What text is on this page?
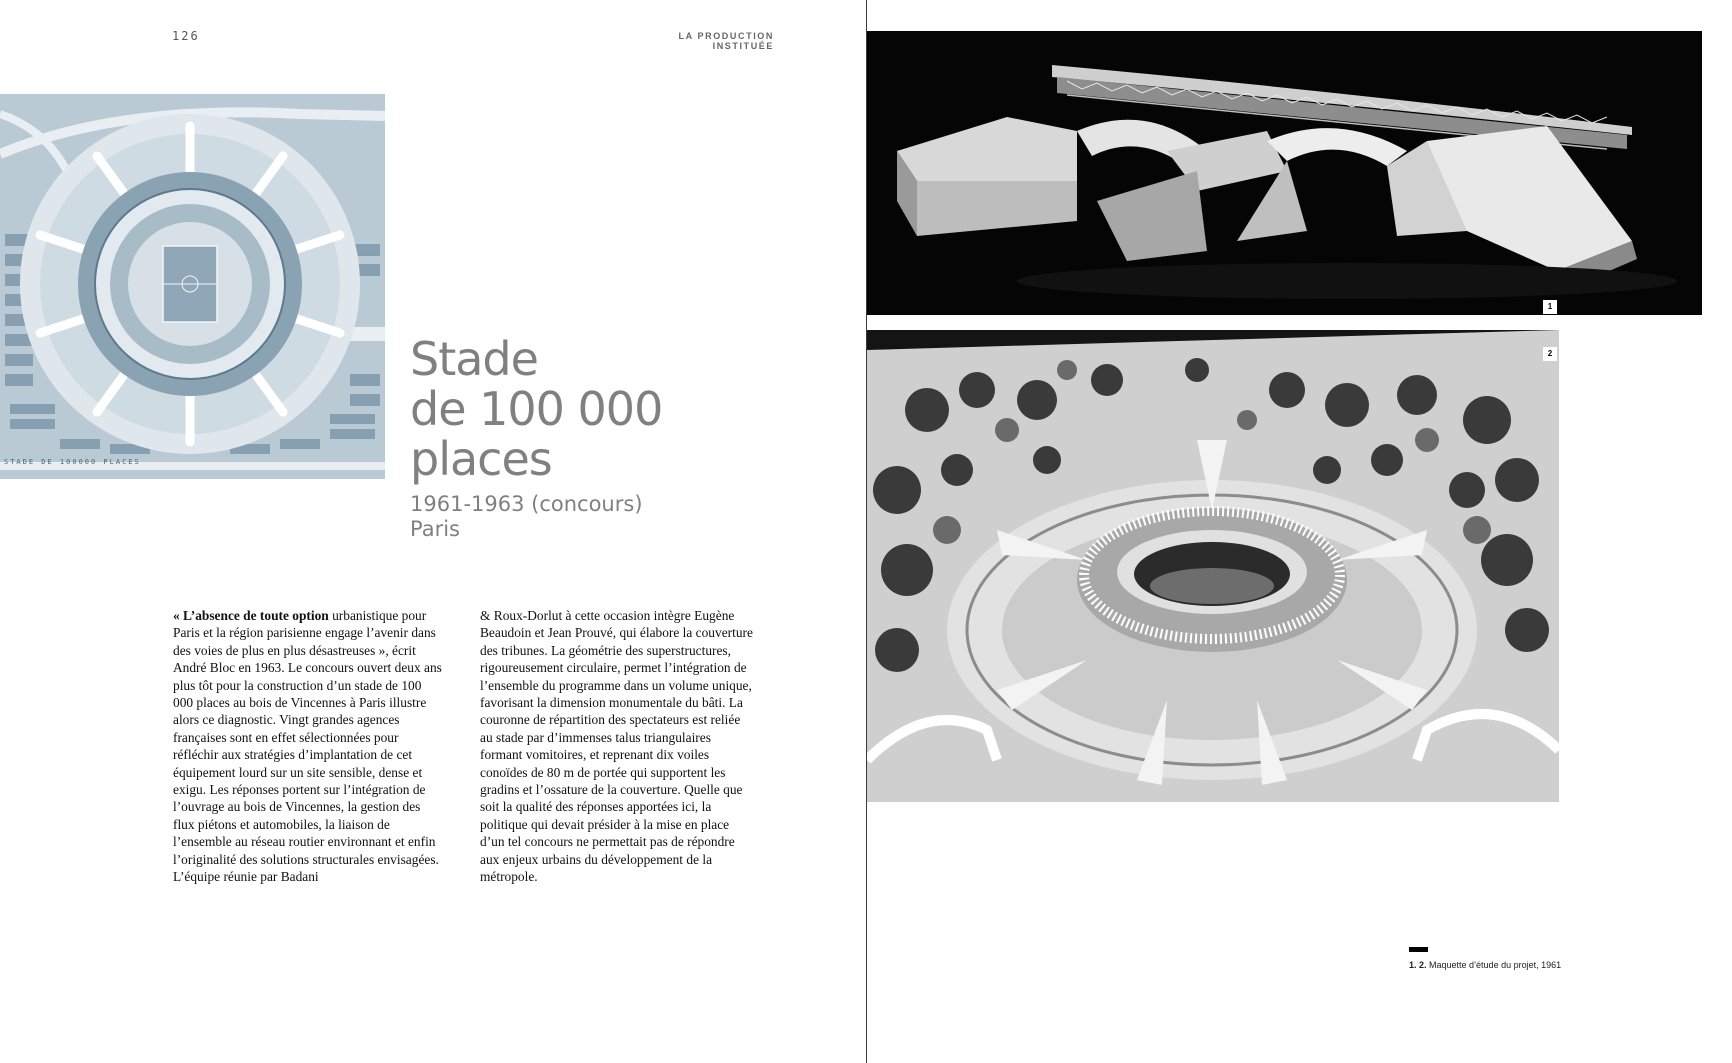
126	LA PRODUCTION INSTITUÉE
STADE DE 100000 PLACES
Stade
de 100 000
places
1961-1963 (concours)
Paris

« L’absence de toute option urbanistique pour Paris et la région parisienne engage l’avenir dans des voies de plus en plus désastreuses », écrit André Bloc en 1963. Le concours ouvert deux ans plus tôt pour la construction d’un stade de 100 000 places au bois de Vincennes à Paris illustre alors ce diagnostic. Vingt grandes agences françaises sont en effet sélectionnées pour réfléchir aux stratégies d’implantation de cet équipement lourd sur un site sensible, dense et exigu. Les réponses portent sur l’intégration de l’ouvrage au bois de Vincennes, la gestion des flux piétons et automobiles, la liaison de l’ensemble au réseau routier environnant et enfin l’originalité des solutions structurales envisagées. L’équipe réunie par Badani

& Roux-Dorlut à cette occasion intègre Eugène Beaudoin et Jean Prouvé, qui élabore la couverture des tribunes. La géométrie des superstructures, rigoureusement circulaire, permet l’intégration de l’ensemble du programme dans un volume unique, favorisant la dimension monumentale du bâti. La couronne de répartition des spectateurs est reliée au stade par d’immenses talus triangulaires formant vomitoires, et reprenant dix voiles conoïdes de 80 m de portée qui supportent les gradins et l’ossature de la couverture. Quelle que soit la qualité des réponses apportées ici, la politique qui devait présider à la mise en place d’un tel concours ne permettait pas de répondre aux enjeux urbains du développement de la métropole.

1
2
1. 2. Maquette d’étude du projet, 1961
